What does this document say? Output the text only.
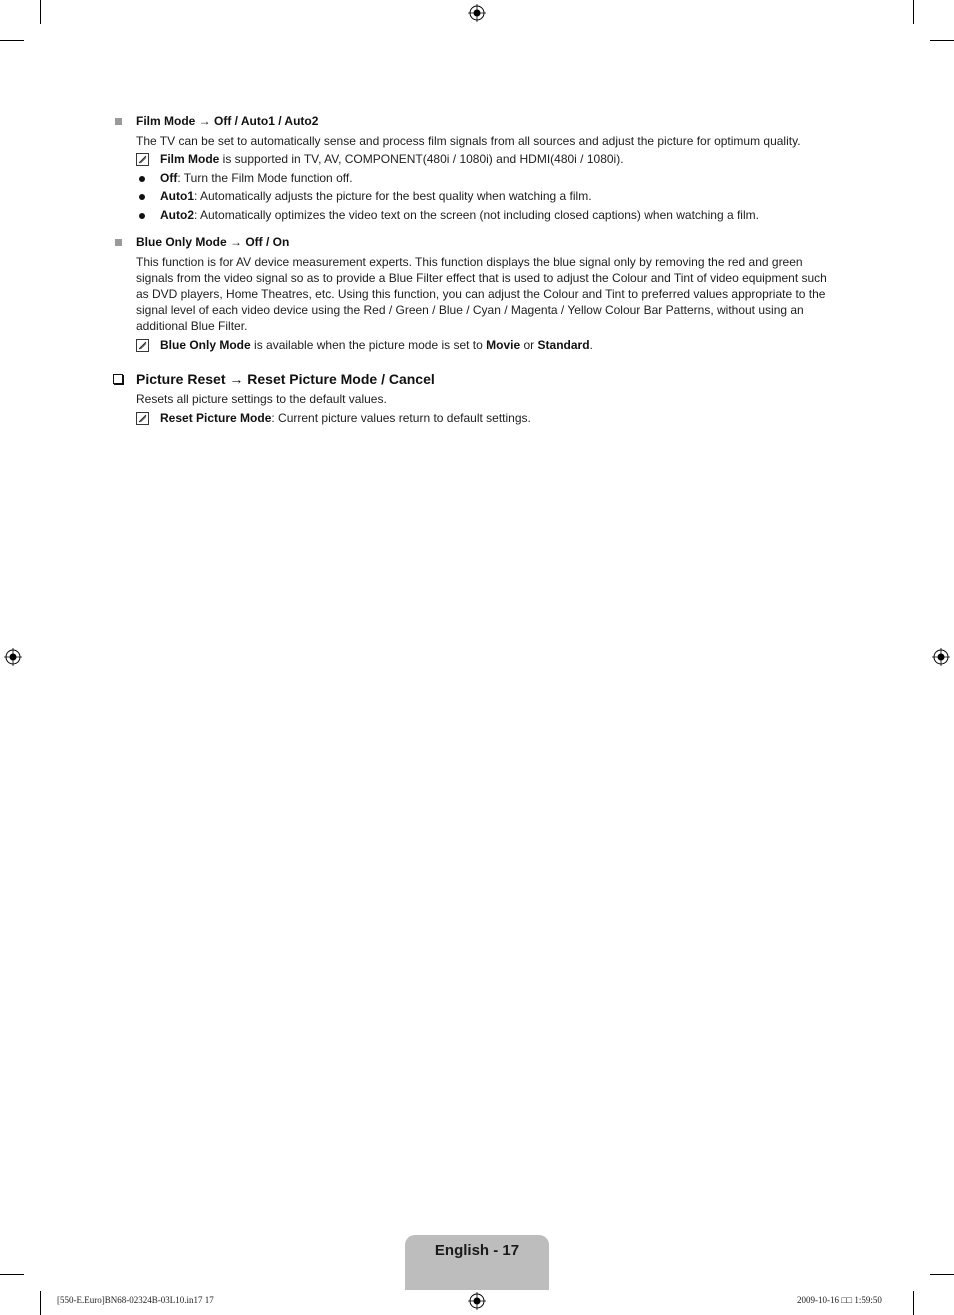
Film Mode → Off / Auto1 / Auto2
The TV can be set to automatically sense and process film signals from all sources and adjust the picture for optimum quality.
Film Mode is supported in TV, AV, COMPONENT(480i / 1080i) and HDMI(480i / 1080i).
Off: Turn the Film Mode function off.
Auto1: Automatically adjusts the picture for the best quality when watching a film.
Auto2: Automatically optimizes the video text on the screen (not including closed captions) when watching a film.
Blue Only Mode → Off / On
This function is for AV device measurement experts. This function displays the blue signal only by removing the red and green signals from the video signal so as to provide a Blue Filter effect that is used to adjust the Colour and Tint of video equipment such as DVD players, Home Theatres, etc. Using this function, you can adjust the Colour and Tint to preferred values appropriate to the signal level of each video device using the Red / Green / Blue / Cyan / Magenta / Yellow Colour Bar Patterns, without using an additional Blue Filter.
Blue Only Mode is available when the picture mode is set to Movie or Standard.
Picture Reset → Reset Picture Mode / Cancel
Resets all picture settings to the default values.
Reset Picture Mode: Current picture values return to default settings.
English - 17
[550-E.Euro]BN68-02324B-03L10.in17 17	2009-10-16 □□ 1:59:50
